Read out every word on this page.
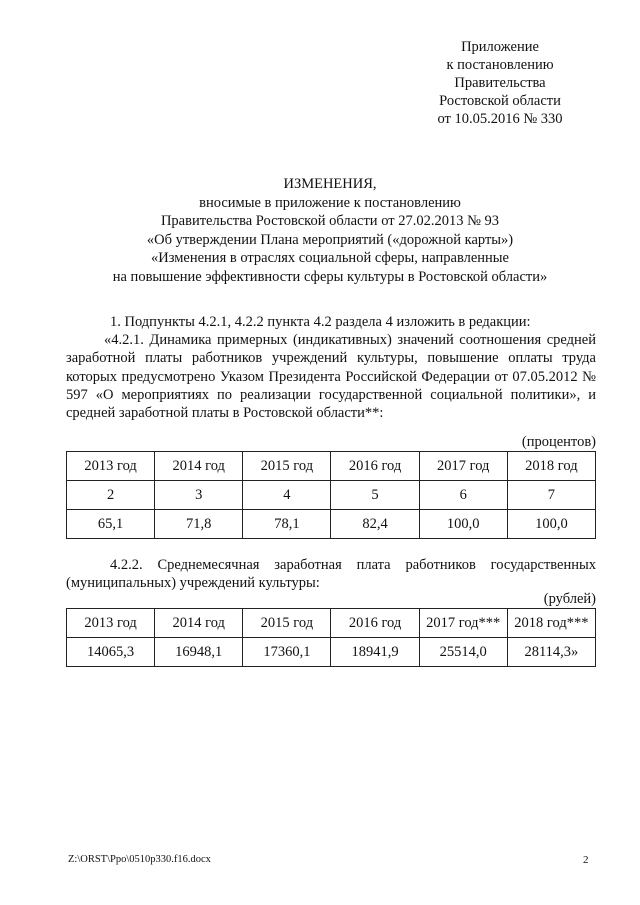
Приложение
к постановлению
Правительства
Ростовской области
от 10.05.2016 № 330
ИЗМЕНЕНИЯ,
вносимые в приложение к постановлению
Правительства Ростовской области от 27.02.2013 № 93
«Об утверждении Плана мероприятий («дорожной карты»)
«Изменения в отраслях социальной сферы, направленные
на повышение эффективности сферы культуры в Ростовской области»
1. Подпункты 4.2.1, 4.2.2 пункта 4.2 раздела 4 изложить в редакции:
«4.2.1. Динамика примерных (индикативных) значений соотношения средней заработной платы работников учреждений культуры, повышение оплаты труда которых предусмотрено Указом Президента Российской Федерации от 07.05.2012 № 597 «О мероприятиях по реализации государственной социальной политики», и средней заработной платы в Ростовской области**:
(процентов)
2013 год	2014 год	2015 год	2016 год	2017 год	2018 год
2	3	4	5	6	7
65,1	71,8	78,1	82,4	100,0	100,0
4.2.2. Среднемесячная заработная плата работников государственных (муниципальных) учреждений культуры:
(рублей)
2013 год	2014 год	2015 год	2016 год	2017 год***	2018 год***
14065,3	16948,1	17360,1	18941,9	25514,0	28114,3»
Z:\ORST\Ppo\0510p330.f16.docx	2
